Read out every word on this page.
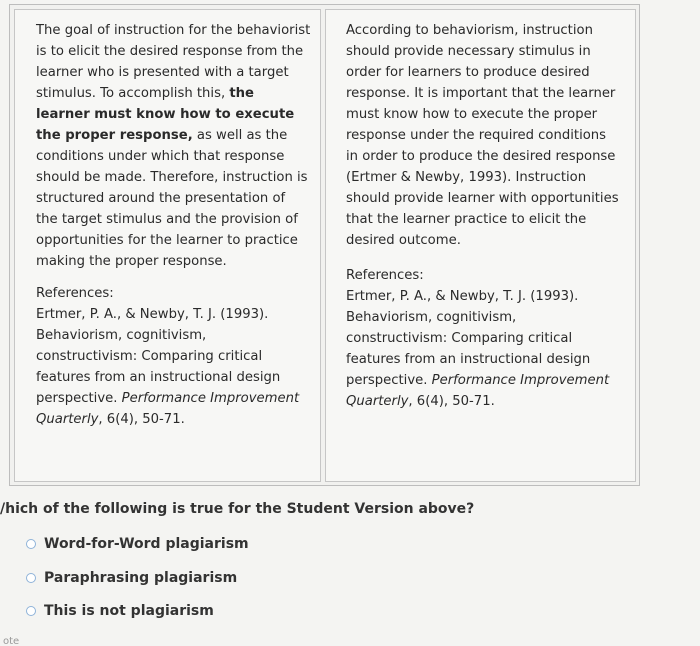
The goal of instruction for the behaviorist
is to elicit the desired response from the
learner who is presented with a target
stimulus. To accomplish this, the
learner must know how to execute
the proper response, as well as the
conditions under which that response
should be made. Therefore, instruction is
structured around the presentation of
the target stimulus and the provision of
opportunities for the learner to practice
making the proper response.
References:
Ertmer, P. A., & Newby, T. J. (1993).
Behaviorism, cognitivism,
constructivism: Comparing critical
features from an instructional design
perspective. Performance Improvement
Quarterly, 6(4), 50-71.
According to behaviorism, instruction
should provide necessary stimulus in
order for learners to produce desired
response. It is important that the learner
must know how to execute the proper
response under the required conditions
in order to produce the desired response
(Ertmer & Newby, 1993). Instruction
should provide learner with opportunities
that the learner practice to elicit the
desired outcome.
References:
Ertmer, P. A., & Newby, T. J. (1993).
Behaviorism, cognitivism,
constructivism: Comparing critical
features from an instructional design
perspective. Performance Improvement
Quarterly, 6(4), 50-71.
/hich of the following is true for the Student Version above?
Word-for-Word plagiarism
Paraphrasing plagiarism
This is not plagiarism
ote
